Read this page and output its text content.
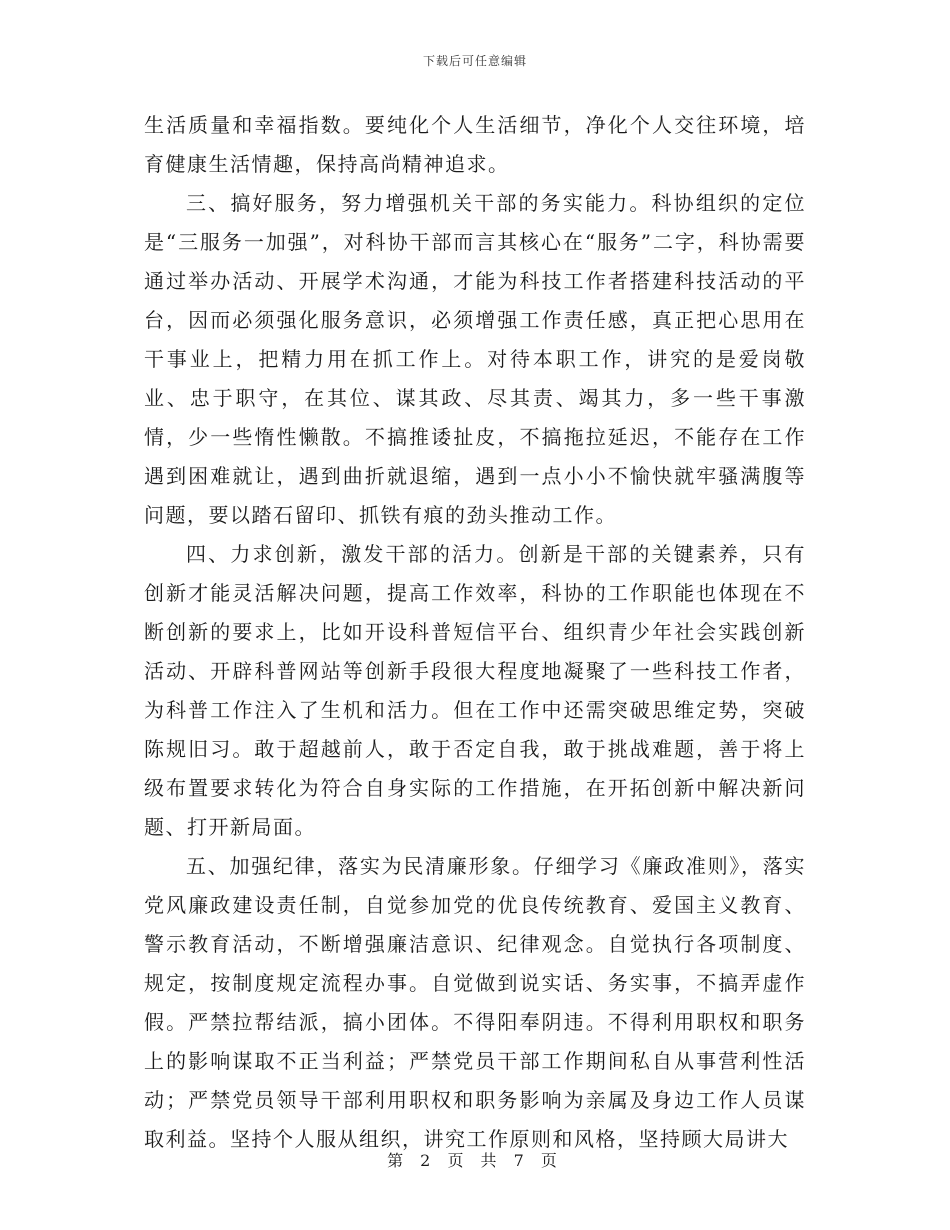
下载后可任意编辑

生活质量和幸福指数。要纯化个人生活细节，净化个人交往环境，培育健康生活情趣，保持高尚精神追求。

三、搞好服务，努力增强机关干部的务实能力。科协组织的定位是“三服务一加强”，对科协干部而言其核心在“服务”二字，科协需要通过举办活动、开展学术沟通，才能为科技工作者搭建科技活动的平台，因而必须强化服务意识，必须增强工作责任感，真正把心思用在干事业上，把精力用在抓工作上。对待本职工作，讲究的是爱岗敬业、忠于职守，在其位、谋其政、尽其责、竭其力，多一些干事激情，少一些惰性懒散。不搞推诿扯皮，不搞拖拉延迟，不能存在工作遇到困难就让，遇到曲折就退缩，遇到一点小小不愉快就牢骚满腹等问题，要以踏石留印、抓铁有痕的劲头推动工作。

四、力求创新，激发干部的活力。创新是干部的关键素养，只有创新才能灵活解决问题，提高工作效率，科协的工作职能也体现在不断创新的要求上，比如开设科普短信平台、组织青少年社会实践创新活动、开辟科普网站等创新手段很大程度地凝聚了一些科技工作者，为科普工作注入了生机和活力。但在工作中还需突破思维定势，突破陈规旧习。敢于超越前人，敢于否定自我，敢于挑战难题，善于将上级布置要求转化为符合自身实际的工作措施，在开拓创新中解决新问题、打开新局面。

五、加强纪律，落实为民清廉形象。仔细学习《廉政准则》，落实党风廉政建设责任制，自觉参加党的优良传统教育、爱国主义教育、警示教育活动，不断增强廉洁意识、纪律观念。自觉执行各项制度、规定，按制度规定流程办事。自觉做到说实话、务实事，不搞弄虚作假。严禁拉帮结派，搞小团体。不得阳奉阴违。不得利用职权和职务上的影响谋取不正当利益；严禁党员干部工作期间私自从事营利性活动；严禁党员领导干部利用职权和职务影响为亲属及身边工作人员谋取利益。坚持个人服从组织，讲究工作原则和风格，坚持顾大局讲大

第 2 页 共 7 页
